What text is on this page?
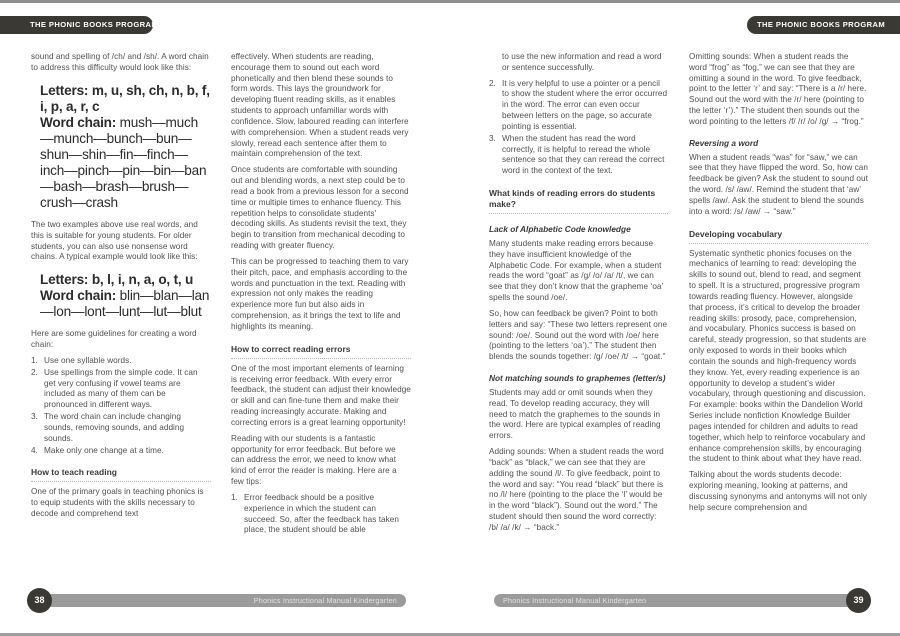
THE PHONIC BOOKS PROGRAM	THE PHONIC BOOKS PROGRAM

sound and spelling of /ch/ and /sh/. A word chain to address this difficulty would look like this:

Letters: m, u, sh, ch, n, b, f, i, p, a, r, c
Word chain: mush—much—munch—bunch—bun—shun—shin—fin—finch—inch—pinch—pin—bin—ban—bash—brash—brush—crush—crash

The two examples above use real words, and this is suitable for young students. For older students, you can also use nonsense word chains. A typical example would look like this:

Letters: b, l, i, n, a, o, t, u
Word chain: blin—blan—lan—lon—lont—lunt—lut—blut

Here are some guidelines for creating a word chain:

1. Use one syllable words.
2. Use spellings from the simple code. It can get very confusing if vowel teams are included as many of them can be pronounced in different ways.
3. The word chain can include changing sounds, removing sounds, and adding sounds.
4. Make only one change at a time.
How to teach reading

One of the primary goals in teaching phonics is to equip students with the skills necessary to decode and comprehend text

effectively. When students are reading, encourage them to sound out each word phonetically and then blend these sounds to form words. This lays the groundwork for developing fluent reading skills, as it enables students to approach unfamiliar words with confidence. Slow, laboured reading can interfere with comprehension. When a student reads very slowly, reread each sentence after them to maintain comprehension of the text.

Once students are comfortable with sounding out and blending words, a next step could be to read a book from a previous lesson for a second time or multiple times to enhance fluency. This repetition helps to consolidate students’ decoding skills. As students revisit the text, they begin to transition from mechanical decoding to reading with greater fluency.

This can be progressed to teaching them to vary their pitch, pace, and emphasis according to the words and punctuation in the text. Reading with expression not only makes the reading experience more fun but also aids in comprehension, as it brings the text to life and highlights its meaning.

How to correct reading errors

One of the most important elements of learning is receiving error feedback. With every error feedback, the student can adjust their knowledge or skill and can fine-tune them and make their reading increasingly accurate. Making and correcting errors is a great learning opportunity!

Reading with our students is a fantastic opportunity for error feedback. But before we can address the error, we need to know what kind of error the reader is making. Here are a few tips:

1. Error feedback should be a positive experience in which the student can succeed. So, after the feedback has taken place, the student should be able

to use the new information and read a word or sentence successfully.

2. It is very helpful to use a pointer or a pencil to show the student where the error occurred in the word. The error can even occur between letters on the page, so accurate pointing is essential.
3. When the student has read the word correctly, it is helpful to reread the whole sentence so that they can reread the correct word in the context of the text.
What kinds of reading errors do students make?
Lack of Alphabetic Code knowledge

Many students make reading errors because they have insufficient knowledge of the Alphabetic Code. For example, when a student reads the word “goat” as /g/ /o/ /a/ /t/, we can see that they don’t know that the grapheme ‘oa’ spells the sound /oe/.

So, how can feedback be given? Point to both letters and say: “These two letters represent one sound: /oe/. Sound out the word with /oe/ here (pointing to the letters ‘oa’).” The student then blends the sounds together: /g/ /oe/ /t/ → “goat.”

Not matching sounds to graphemes (letter/s)

Students may add or omit sounds when they read. To develop reading accuracy, they will need to match the graphemes to the sounds in the word. Here are typical examples of reading errors.

Adding sounds: When a student reads the word “back” as “black,” we can see that they are adding the sound /l/. To give feedback, point to the word and say: “You read “black” but there is no /l/ here (pointing to the place the ‘l’ would be in the word “black”). Sound out the word.” The student should then sound the word correctly: /b/ /a/ /k/ → “back.”

Omitting sounds: When a student reads the word “frog” as “fog,” we can see that they are omitting a sound in the word. To give feedback, point to the letter ‘r’ and say: “There is a /r/ here. Sound out the word with the /r/ here (pointing to the letter ‘r’).” The student then sounds out the word pointing to the letters /f/ /r/ /o/ /g/ → “frog.”

Reversing a word

When a student reads “was” for “saw,” we can see that they have flipped the word. So, how can feedback be given? Ask the student to sound out the word. /s/ /aw/. Remind the student that ‘aw’ spells /aw/. Ask the student to blend the sounds into a word: /s/ /aw/ → “saw.”

Developing vocabulary

Systematic synthetic phonics focuses on the mechanics of learning to read: developing the skills to sound out, blend to read, and segment to spell. It is a structured, progressive program towards reading fluency. However, alongside that process, it’s critical to develop the broader reading skills: prosody, pace, comprehension, and vocabulary. Phonics success is based on careful, steady progression, so that students are only exposed to words in their books which contain the sounds and high-frequency words they know. Yet, every reading experience is an opportunity to develop a student’s wider vocabulary, through questioning and discussion. For example: books within the Dandelion World Series include nonfiction Knowledge Builder pages intended for children and adults to read together, which help to reinforce vocabulary and enhance comprehension skills, by encouraging the student to think about what they have read.

Talking about the words students decode: exploring meaning, looking at patterns, and discussing synonyms and antonyms will not only help secure comprehension and

Phonics Instructional Manual Kindergarten
38	Phonics Instructional Manual Kindergarten	39
